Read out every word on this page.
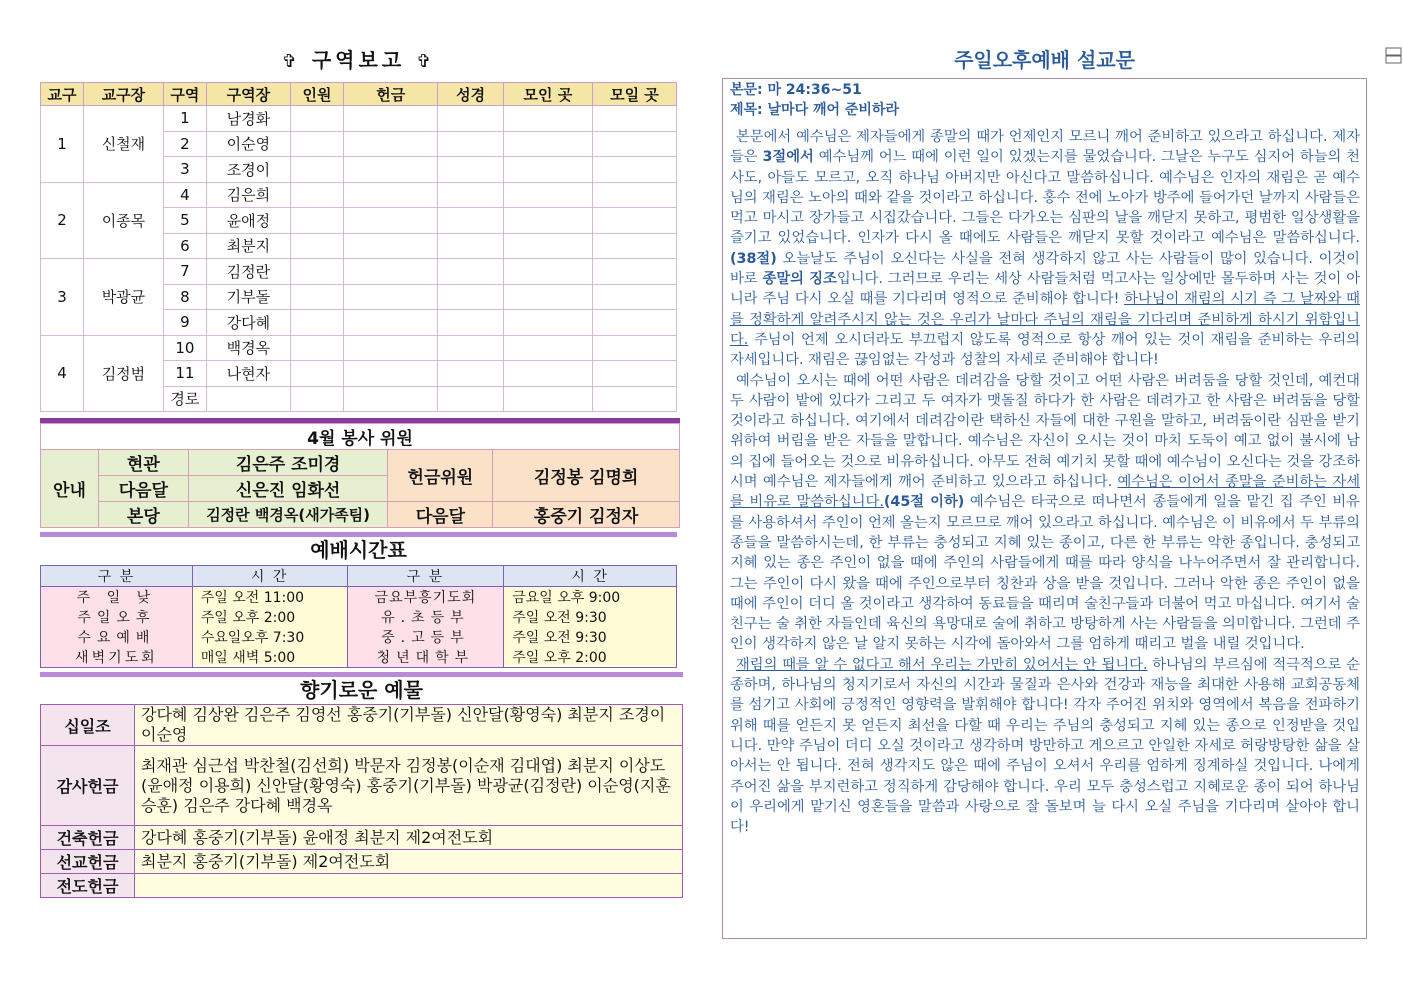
✞ 구역보고 ✞
교구	교구장	구역	구역장	인원	헌금	성경	모인 곳	모일 곳
1	신철재	1	남경화					
		2	이순영					
		3	조경이					
2	이종목	4	김은희					
		5	윤애정					
		6	최분지					
3	박광균	7	김정란					
		8	기부돌					
		9	강다혜					
4	김정범	10	백경옥					
		11	나현자					
		경로						
4월 봉사 위원				
안내	현관	김은주 조미경	헌금위원	김정봉 김명희
	다음달	신은진 임화선		
	본당	김정란 백경옥(새가족팀)	다음달	홍중기 김정자
예배시간표
구 분	시 간	구 분	시 간
주 일 낮	주일 오전 11:00	금요부흥기도회	금요일 오후 9:00
주일오후	주일 오후 2:00	유.초등부	주일 오전 9:30
수요예배	수요일오후 7:30	중.고등부	주일 오전 9:30
새벽기도회	매일 새벽 5:00	청년대학부	주일 오후 2:00
향기로운 예물
십일조	강다혜 김상완 김은주 김영선 홍중기(기부돌) 신안달(황영숙) 최분지 조경이 이순영
감사헌금	최재관 심근섭 박찬철(김선희) 박문자 김정봉(이순재 김대엽) 최분지 이상도(윤애정 이용희) 신안달(황영숙) 홍중기(기부돌) 박광균(김정란) 이순영(지훈 승훈) 김은주 강다혜 백경옥
건축헌금	강다혜 홍중기(기부돌) 윤애정 최분지 제2여전도회
선교헌금	최분지 홍중기(기부돌) 제2여전도회
전도헌금	
주일오후예배 설교문
본문: 마 24:36~51
제목: 날마다 깨어 준비하라

본문에서 예수님은 제자들에게 종말의 때가 언제인지 모르니 깨어 준비하고 있으라고 하십니다. 제자들은 3절에서 예수님께 어느 때에 이런 일이 있겠는지를 물었습니다. 그날은 누구도 심지어 하늘의 천사도, 아들도 모르고, 오직 하나님 아버지만 아신다고 말씀하십니다. 예수님은 인자의 재림은 곧 예수님의 재림은 노아의 때와 같을 것이라고 하십니다. 홍수 전에 노아가 방주에 들어가던 날까지 사람들은 먹고 마시고 장가들고 시집갔습니다. 그들은 다가오는 심판의 날을 깨닫지 못하고, 평범한 일상생활을 즐기고 있었습니다. 인자가 다시 올 때에도 사람들은 깨닫지 못할 것이라고 예수님은 말씀하십니다.(38절) 오늘날도 주님이 오신다는 사실을 전혀 생각하지 않고 사는 사람들이 많이 있습니다. 이것이 바로 종말의 징조입니다. 그러므로 우리는 세상 사람들처럼 먹고사는 일상에만 몰두하며 사는 것이 아니라 주님 다시 오실 때를 기다리며 영적으로 준비해야 합니다! 하나님이 재림의 시기 즉 그 날짜와 때를 정확하게 알려주시지 않는 것은 우리가 날마다 주님의 재림을 기다리며 준비하게 하시기 위함입니다. 주님이 언제 오시더라도 부끄럽지 않도록 영적으로 항상 깨어 있는 것이 재림을 준비하는 우리의 자세입니다. 재림은 끊임없는 각성과 성찰의 자세로 준비해야 합니다!

예수님이 오시는 때에 어떤 사람은 데려감을 당할 것이고 어떤 사람은 버려둠을 당할 것인데, 예컨대 두 사람이 밭에 있다가 그리고 두 여자가 맷돌질 하다가 한 사람은 데려가고 한 사람은 버려둠을 당할 것이라고 하십니다. 여기에서 데려감이란 택하신 자들에 대한 구원을 말하고, 버려둠이란 심판을 받기 위하여 버림을 받은 자들을 말합니다. 예수님은 자신이 오시는 것이 마치 도둑이 예고 없이 불시에 남의 집에 들어오는 것으로 비유하십니다. 아무도 전혀 예기치 못할 때에 예수님이 오신다는 것을 강조하시며 예수님은 제자들에게 깨어 준비하고 있으라고 하십니다. 예수님은 이어서 종말을 준비하는 자세를 비유로 말씀하십니다.(45절 이하) 예수님은 타국으로 떠나면서 종들에게 일을 맡긴 집 주인 비유를 사용하셔서 주인이 언제 올는지 모르므로 깨어 있으라고 하십니다. 예수님은 이 비유에서 두 부류의 종들을 말씀하시는데, 한 부류는 충성되고 지혜 있는 종이고, 다른 한 부류는 악한 종입니다. 충성되고 지혜 있는 종은 주인이 없을 때에 주인의 사람들에게 때를 따라 양식을 나누어주면서 잘 관리합니다. 그는 주인이 다시 왔을 때에 주인으로부터 칭찬과 상을 받을 것입니다. 그러나 악한 종은 주인이 없을 때에 주인이 더디 올 것이라고 생각하여 동료들을 때리며 술친구들과 더불어 먹고 마십니다. 여기서 술친구는 술 취한 자들인데 육신의 욕망대로 술에 취하고 방탕하게 사는 사람들을 의미합니다. 그런데 주인이 생각하지 않은 날 알지 못하는 시각에 돌아와서 그를 엄하게 때리고 벌을 내릴 것입니다.

재림의 때를 알 수 없다고 해서 우리는 가만히 있어서는 안 됩니다. 하나님의 부르심에 적극적으로 순종하며, 하나님의 청지기로서 자신의 시간과 물질과 은사와 건강과 재능을 최대한 사용해 교회공동체를 섬기고 사회에 긍정적인 영향력을 발휘해야 합니다! 각자 주어진 위치와 영역에서 복음을 전파하기 위해 때를 얻든지 못 얻든지 최선을 다할 때 우리는 주님의 충성되고 지혜 있는 종으로 인정받을 것입니다. 만약 주님이 더디 오실 것이라고 생각하며 방만하고 게으르고 안일한 자세로 허랑방탕한 삶을 살아서는 안 됩니다. 전혀 생각지도 않은 때에 주님이 오셔서 우리를 엄하게 징계하실 것입니다. 나에게 주어진 삶을 부지런하고 정직하게 감당해야 합니다. 우리 모두 충성스럽고 지혜로운 종이 되어 하나님이 우리에게 맡기신 영혼들을 말씀과 사랑으로 잘 돌보며 늘 다시 오실 주님을 기다리며 살아야 합니다!
